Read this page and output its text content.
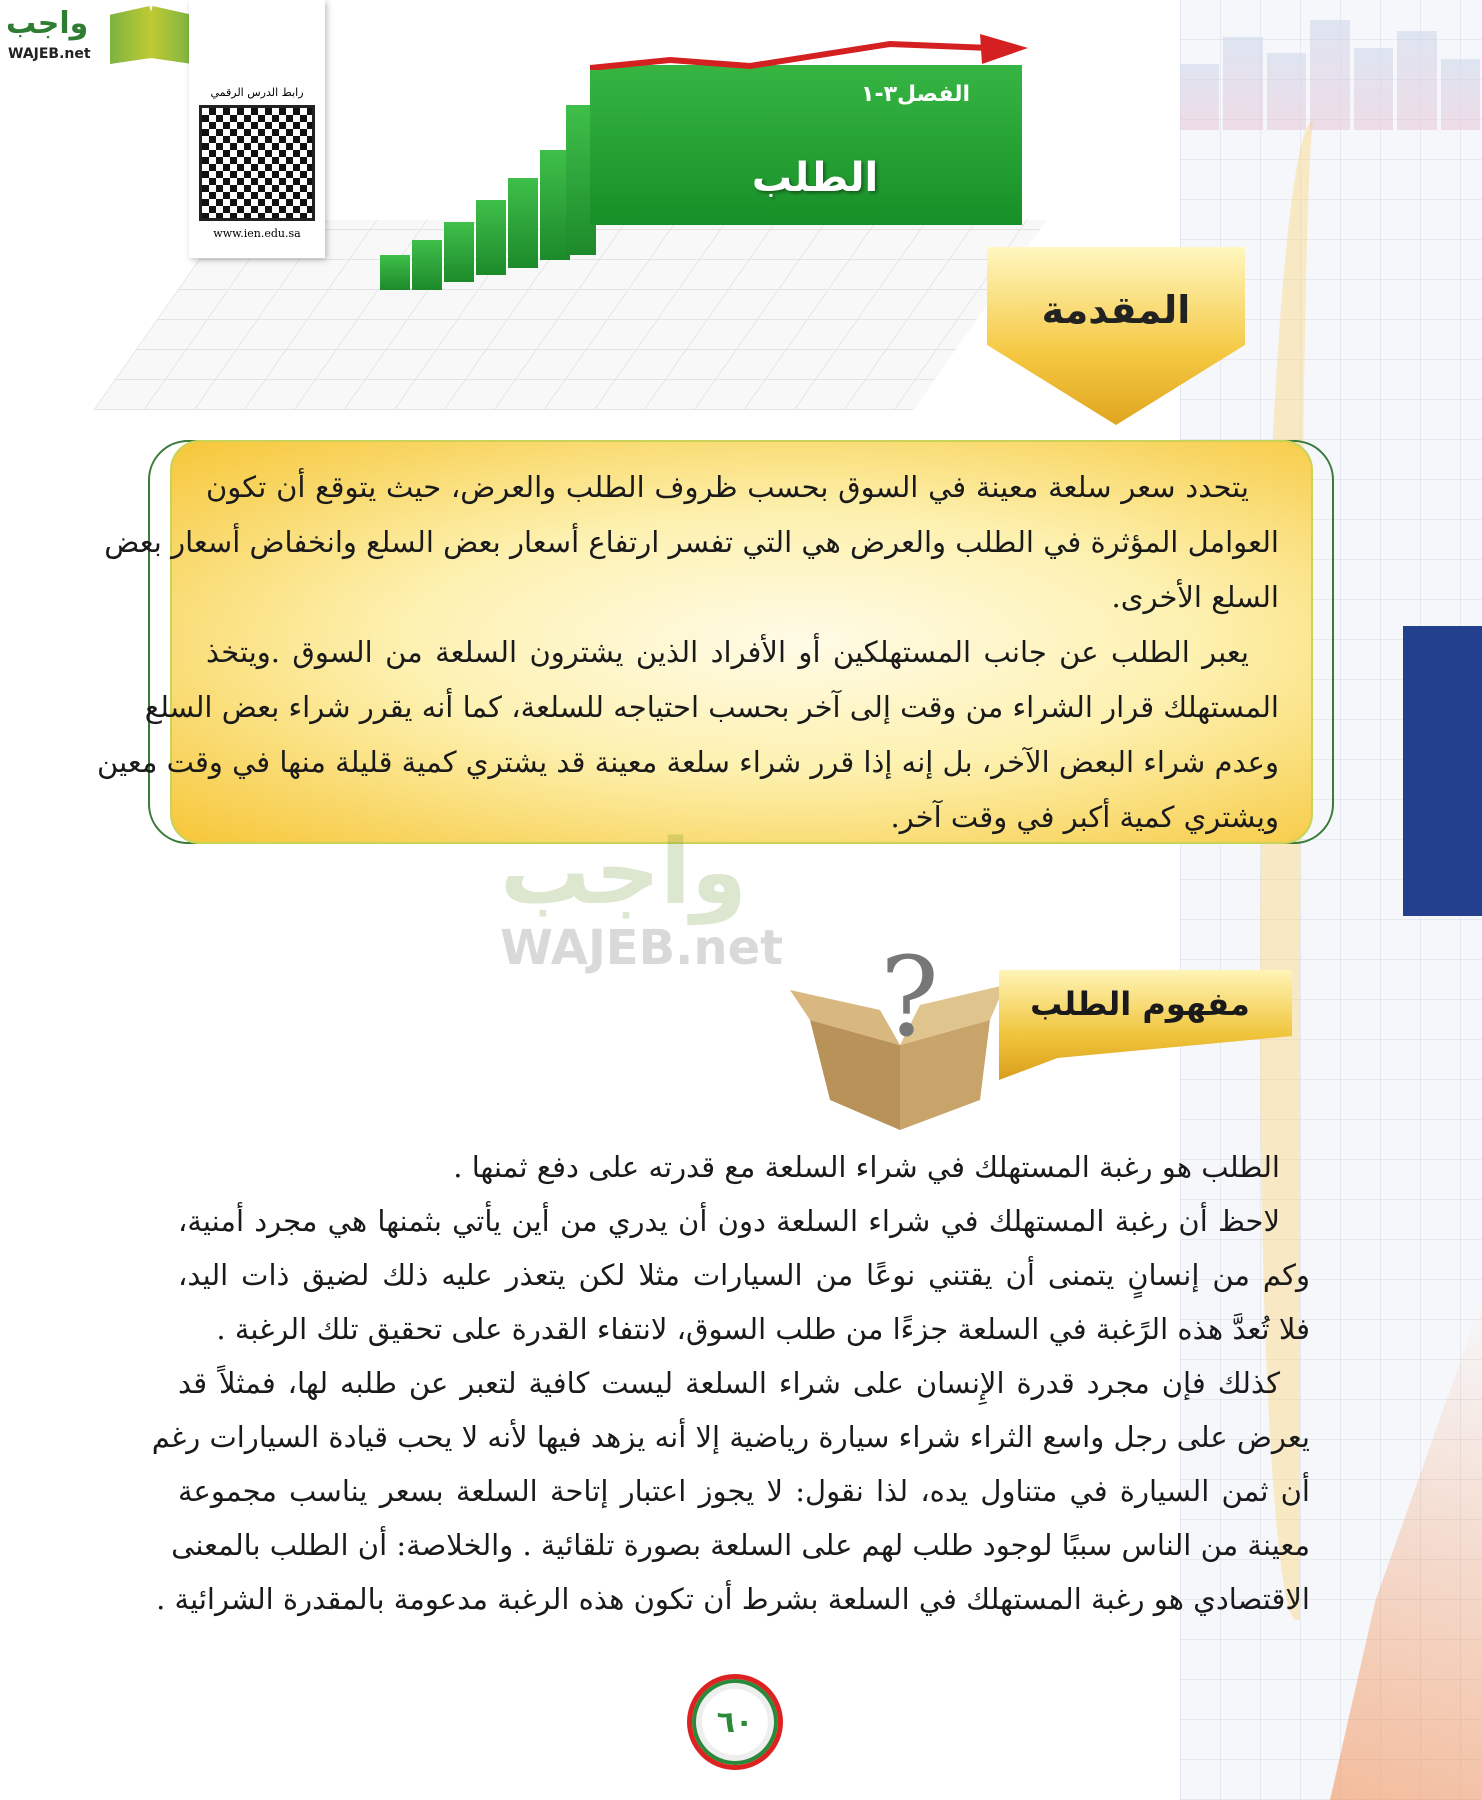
واجب
WAJEB.net
الفصل٣-١
الطلب
رابط الدرس الرقمي
www.ien.edu.sa
المقدمة
يتحدد سعر سلعة معينة في السوق بحسب ظروف الطلب والعرض، حيث يتوقع أن تكون
العوامل المؤثرة في الطلب والعرض هي التي تفسر ارتفاع أسعار بعض السلع وانخفاض أسعار بعض
السلع الأخرى.
يعبر الطلب عن جانب المستهلكين أو الأفراد الذين يشترون السلعة من السوق .ويتخذ
المستهلك قرار الشراء من وقت إلى آخر بحسب احتياجه للسلعة، كما أنه يقرر شراء بعض السلع
وعدم شراء البعض الآخر، بل إنه إذا قرر شراء سلعة معينة قد يشتري كمية قليلة منها في وقت معين
ويشتري كمية أكبر في وقت آخر.
واجب
WAJEB.net ?	مفهوم الطلب
الطلب هو رغبة المستهلك في شراء السلعة مع قدرته على دفع ثمنها .
لاحظ أن رغبة المستهلك في شراء السلعة دون أن يدري من أين يأتي بثمنها هي مجرد أمنية،
وكم من إنسانٍ يتمنى أن يقتني نوعًا من السيارات مثلا لكن يتعذر عليه ذلك لضيق ذات اليد،
فلا تُعدَّ هذه الرًغبة في السلعة جزءًا من طلب السوق، لانتفاء القدرة على تحقيق تلك الرغبة .
كذلك فإن مجرد قدرة الإِنسان على شراء السلعة ليست كافية لتعبر عن طلبه لها، فمثلاً قد
يعرض على رجل واسع الثراء شراء سيارة رياضية إلا أنه يزهد فيها لأنه لا يحب قيادة السيارات رغم
أن ثمن السيارة في متناول يده، لذا نقول: لا يجوز اعتبار إتاحة السلعة بسعر يناسب مجموعة
معينة من الناس سببًا لوجود طلب لهم على السلعة بصورة تلقائية . والخلاصة: أن الطلب بالمعنى
الاقتصادي هو رغبة المستهلك في السلعة بشرط أن تكون هذه الرغبة مدعومة بالمقدرة الشرائية .
٦٠
